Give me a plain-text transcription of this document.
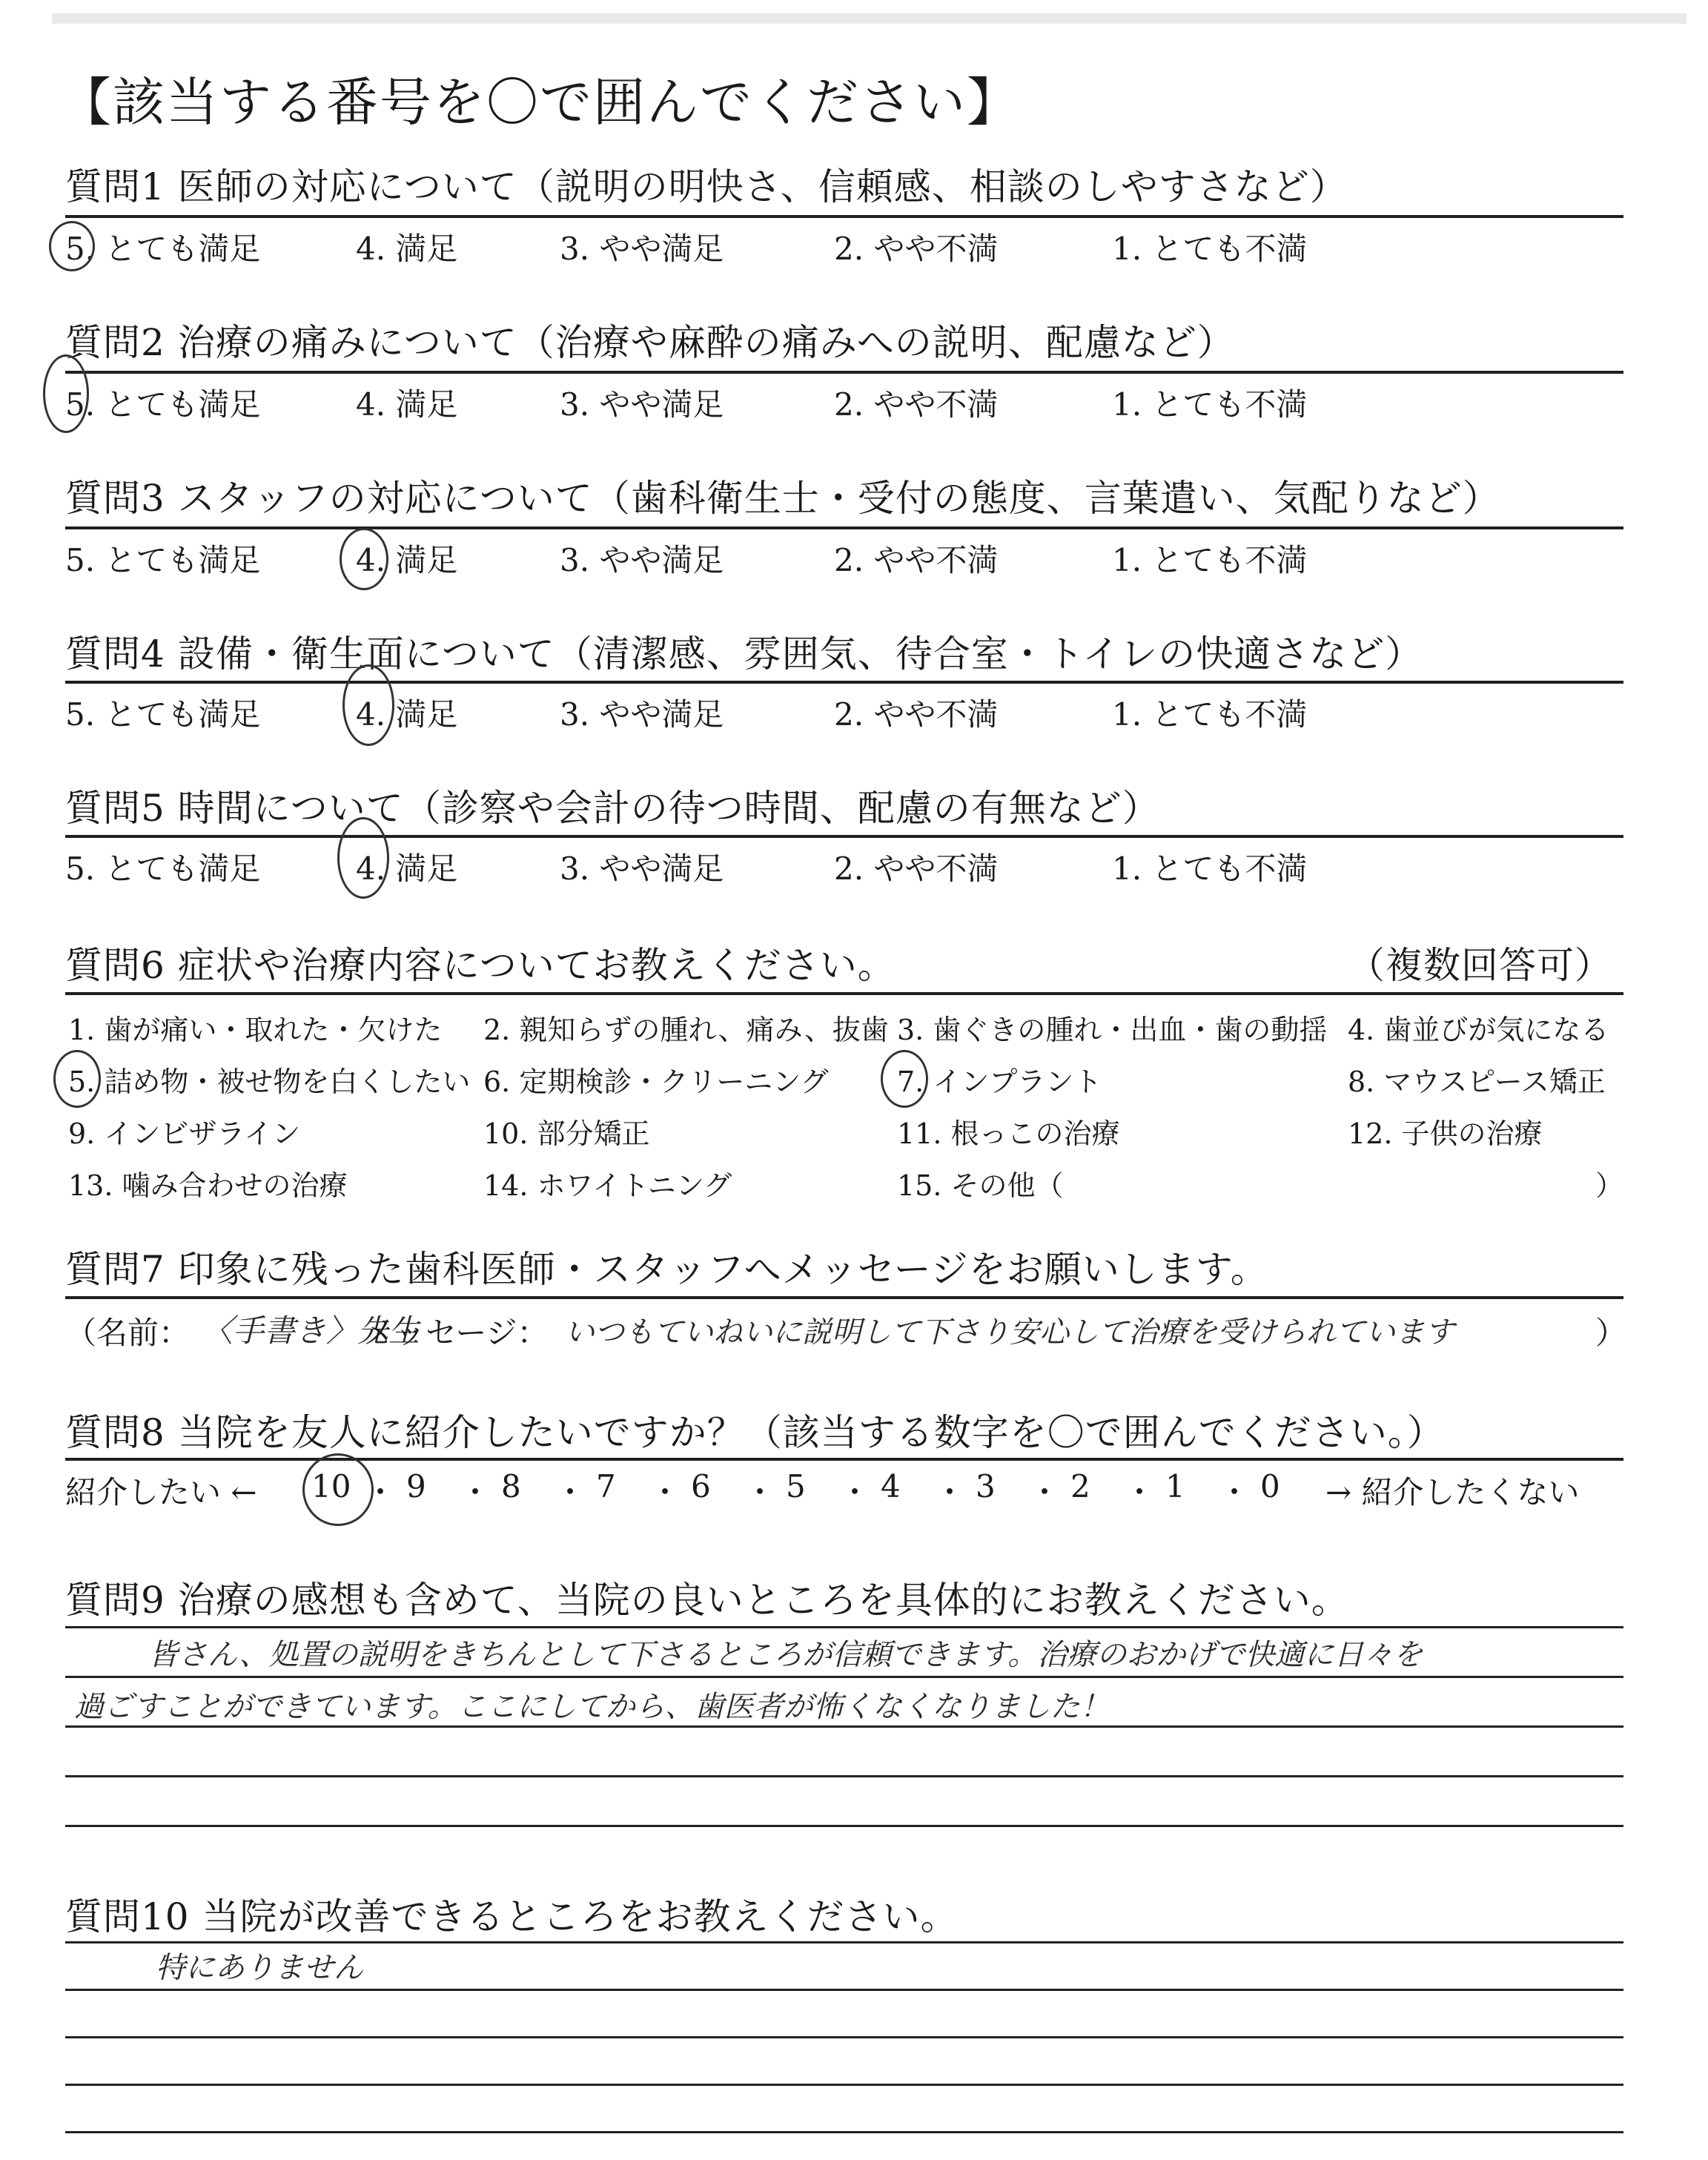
【該当する番号を〇で囲んでください】
質問1 医師の対応について（説明の明快さ、信頼感、相談のしやすさなど）
5. とても満足	4. 満足	3. やや満足	2. やや不満	1. とても不満
質問2 治療の痛みについて（治療や麻酔の痛みへの説明、配慮など）
5. とても満足	4. 満足	3. やや満足	2. やや不満	1. とても不満
質問3 スタッフの対応について（歯科衛生士・受付の態度、言葉遣い、気配りなど）
5. とても満足	4. 満足	3. やや満足	2. やや不満	1. とても不満
質問4 設備・衛生面について（清潔感、雰囲気、待合室・トイレの快適さなど）
5. とても満足	4. 満足	3. やや満足	2. やや不満	1. とても不満
質問5 時間について（診察や会計の待つ時間、配慮の有無など）
5. とても満足	4. 満足	3. やや満足	2. やや不満	1. とても不満
質問6 症状や治療内容についてお教えください。	（複数回答可）
1. 歯が痛い・取れた・欠けた 2. 親知らずの腫れ、痛み、抜歯 3. 歯ぐきの腫れ・出血・歯の動揺 4. 歯並びが気になる
5. 詰め物・被せ物を白くしたい 6. 定期検診・クリーニング 7. インプラント	8. マウスピース矯正
9. インビザライン	10. 部分矯正	11. 根っこの治療	12. 子供の治療
13. 噛み合わせの治療	14. ホワイトニング	15. その他（	）
質問7 印象に残った歯科医師・スタッフへメッセージをお願いします。
（名前： 〈手書き〉先生
メッセージ： いつもていねいに説明して下さり安心して治療を受けられています	）
質問8 当院を友人に紹介したいですか？（該当する数字を〇で囲んでください。）
紹介したい ←	→ 紹介したくない
10 ・ 9 ・ 8 ・ 7 ・ 6 ・ 5 ・ 4 ・ 3 ・ 2 ・ 1 ・ 0
質問9 治療の感想も含めて、当院の良いところを具体的にお教えください。
皆さん、処置の説明をきちんとして下さるところが信頼できます。治療のおかげで快適に日々を
過ごすことができています。ここにしてから、歯医者が怖くなくなりました！
質問10 当院が改善できるところをお教えください。
特にありません
